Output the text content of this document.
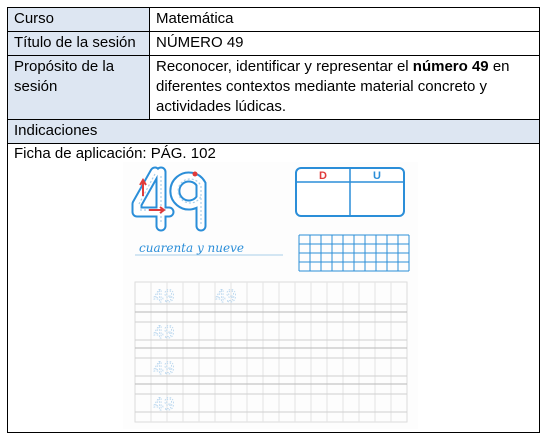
Curso	Matemática
Título de la sesión	NÚMERO 49
Propósito de la sesión	Reconocer, identificar y representar el número 49 en diferentes contextos mediante material concreto y actividades lúdicas.
Indicaciones	
Ficha de aplicación: PÁG. 102
D	U
cuarenta y nueve
49 49
49
49
49
